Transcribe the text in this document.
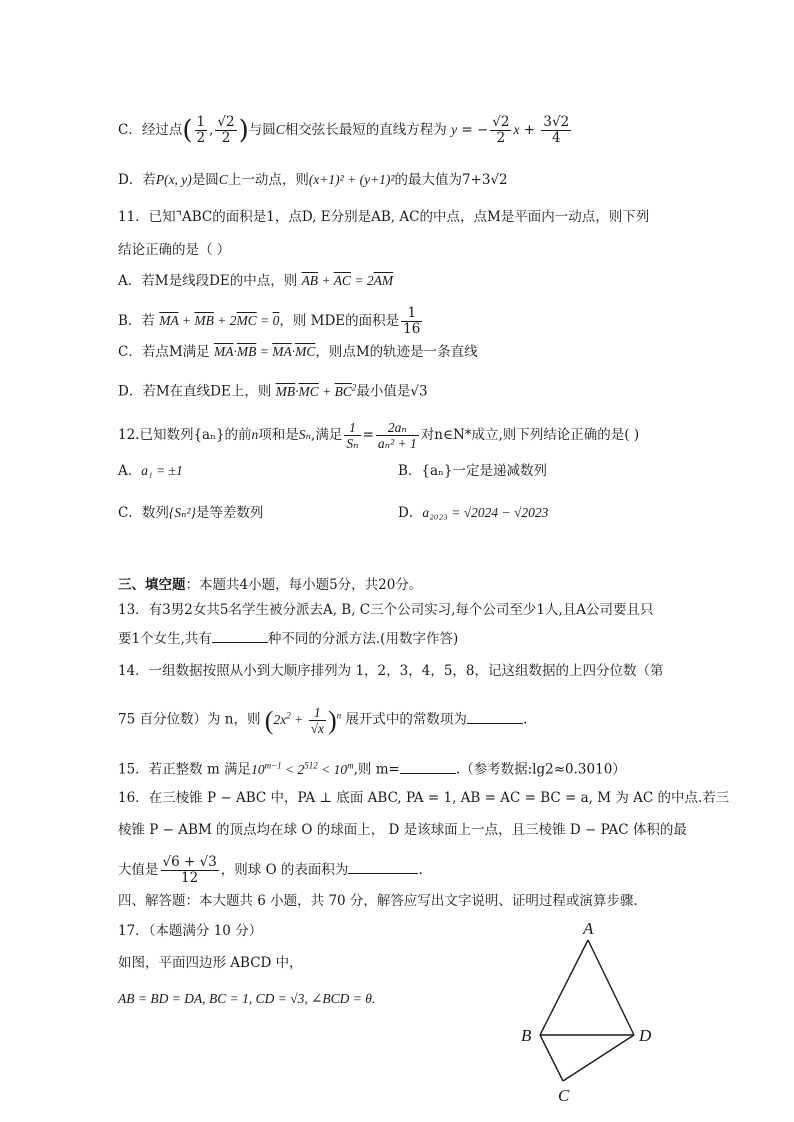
C．经过点( $\frac{1}{2}$ , $\frac{√2}{2}$ )与圆C相交弦长最短的直线方程为 y = − $\frac{√2}{2}$ $x + \frac{3√2}{4}$
D．若P(x, y)是圆C上一动点，则(x+1)² + (y+1)²的最大值为7+3√2
11．已知⌝ABC的面积是1，点D, E分别是AB, AC的中点，点M是平面内一动点，则下列
结论正确的是（ ）
A．若M是线段DE的中点，则 $\overline{AB} + \overline{AC} = 2\overline{AM}$
B．若 $\overline{MA} + \overline{MB} + 2\overline{MC} = 0$，则 MDE的面积是 $\frac{1}{16}$
C．若点M满足 $\overline{MA}\cdot\overline{MB} = \overline{MA}\cdot\overline{MC}$，则点M的轨迹是一条直线
D．若M在直线DE上，则 $\overline{MB}\cdot\overline{MC} + \overline{BC}^2$最小值是√3
12.已知数列{aₙ}的前n项和是Sₙ,满足 $\frac{1}{\text{Sₙ}} = \frac{\text{2aₙ}}{\text{aₙ² + 1}}$ 对n∈N*成立,则下列结论正确的是( )
A．a₁ = ±1	B．{aₙ}一定是递减数列
C．数列{Sₙ²}是等差数列	D．a₂₀₂₃ = √2024 − √2023
三、填空题：本题共4小题，每小题5分，共20分。
13．有3男2女共5名学生被分派去A, B, C三个公司实习,每个公司至少1人,且A公司要且只
要1个女生,共有	种不同的分派方法.(用数字作答)
14．一组数据按照从小到大顺序排列为 1，2，3，4，5，8，记这组数据的上四分位数（第
75 百分位数）为 n，则 $(2x^2 + \frac{1}{√x} )^n$ 展开式中的常数项为	.
15．若正整数 m 满足$10^{m-1} < 2^{512} < 10^m$,则 m=	.（参考数据:lg2≈0.3010）
16．在三棱锥 P − ABC 中，PA ⊥ 底面 ABC, PA = 1, AB = AC = BC = a, M 为 AC 的中点.若三
棱锥 P − ABM 的顶点均在球 O 的球面上， D 是该球面上一点，且三棱锥 D − PAC 体积的最
大值是 $\frac{√6 + √3}{12}$ ，则球 O 的表面积为	.
四、解答题：本大题共 6 小题，共 70 分，解答应写出文字说明、证明过程或演算步骤.
17．（本题满分 10 分）
如图，平面四边形 ABCD 中，
AB = BD = DA, BC = 1, CD = √3, ∠BCD = θ.
A
B
C
D
